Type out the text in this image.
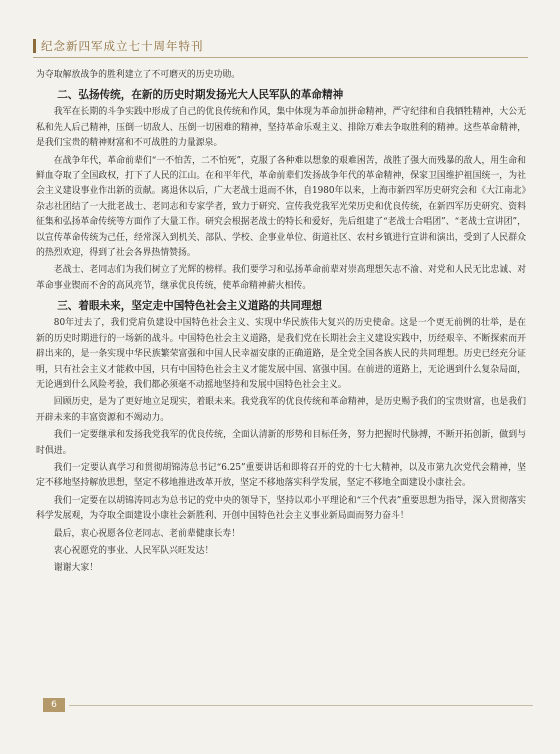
纪念新四军成立七十周年特刊

为夺取解放战争的胜利建立了不可磨灭的历史功勋。

二、弘扬传统，在新的历史时期发扬光大人民军队的革命精神

我军在长期的斗争实践中形成了自己的优良传统和作风，集中体现为革命加拼命精神，严守纪律和自我牺牲精神，大公无私和先人后己精神，压倒一切敌人、压倒一切困难的精神，坚持革命乐观主义、排除万难去争取胜利的精神。这些革命精神，是我们宝贵的精神财富和不可战胜的力量源泉。

在战争年代，革命前辈们“一不怕苦，二不怕死”，克服了各种难以想象的艰难困苦，战胜了强大而残暴的敌人，用生命和鲜血夺取了全国政权，打下了人民的江山。在和平年代，革命前辈们发扬战争年代的革命精神，保家卫国维护祖国统一，为社会主义建设事业作出新的贡献。离退休以后，广大老战士退而不休，自1980年以来，上海市新四军历史研究会和《大江南北》杂志社团结了一大批老战士、老同志和专家学者，致力于研究、宣传我党我军光荣历史和优良传统，在新四军历史研究、资料征集和弘扬革命传统等方面作了大量工作。研究会根据老战士的特长和爱好，先后组建了“老战士合唱团”、“老战士宣讲团”，以宣传革命传统为己任，经常深入到机关、部队、学校、企事业单位、街道社区、农村乡镇进行宣讲和演出，受到了人民群众的热烈欢迎，得到了社会各界热情赞扬。

老战士、老同志们为我们树立了光辉的榜样。我们要学习和弘扬革命前辈对崇高理想矢志不渝、对党和人民无比忠诚、对革命事业锲而不舍的高风亮节，继承优良传统，使革命精神薪火相传。

三、着眼未来，坚定走中国特色社会主义道路的共同理想

80年过去了，我们党肩负建设中国特色社会主义、实现中华民族伟大复兴的历史使命。这是一个更无前例的壮举，是在新的历史时期进行的一场新的战斗。中国特色社会主义道路，是我们党在长期社会主义建设实践中，历经艰辛、不断探索而开辟出来的，是一条实现中华民族繁荣富强和中国人民幸福安康的正确道路，是全党全国各族人民的共同理想。历史已经充分证明，只有社会主义才能救中国，只有中国特色社会主义才能发展中国、富强中国。在前进的道路上，无论遇到什么复杂局面，无论遇到什么风险考验，我们都必须毫不动摇地坚持和发展中国特色社会主义。

回顾历史，是为了更好地立足现实，着眼未来。我党我军的优良传统和革命精神，是历史赐予我们的宝贵财富，也是我们开辟未来的丰富资源和不竭动力。

我们一定要继承和发扬我党我军的优良传统，全面认清新的形势和目标任务，努力把握时代脉搏，不断开拓创新，做到与时俱进。

我们一定要认真学习和贯彻胡锦涛总书记“6.25”重要讲话和即将召开的党的十七大精神，以及市第九次党代会精神，坚定不移地坚持解放思想，坚定不移地推进改革开放，坚定不移地落实科学发展，坚定不移地全面建设小康社会。

我们一定要在以胡锦涛同志为总书记的党中央的领导下，坚持以邓小平理论和“三个代表”重要思想为指导，深入贯彻落实科学发展观，为夺取全面建设小康社会新胜利、开创中国特色社会主义事业新局面而努力奋斗！

最后，衷心祝愿各位老同志、老前辈健康长寿！

衷心祝愿党的事业、人民军队兴旺发达！

谢谢大家！

6
